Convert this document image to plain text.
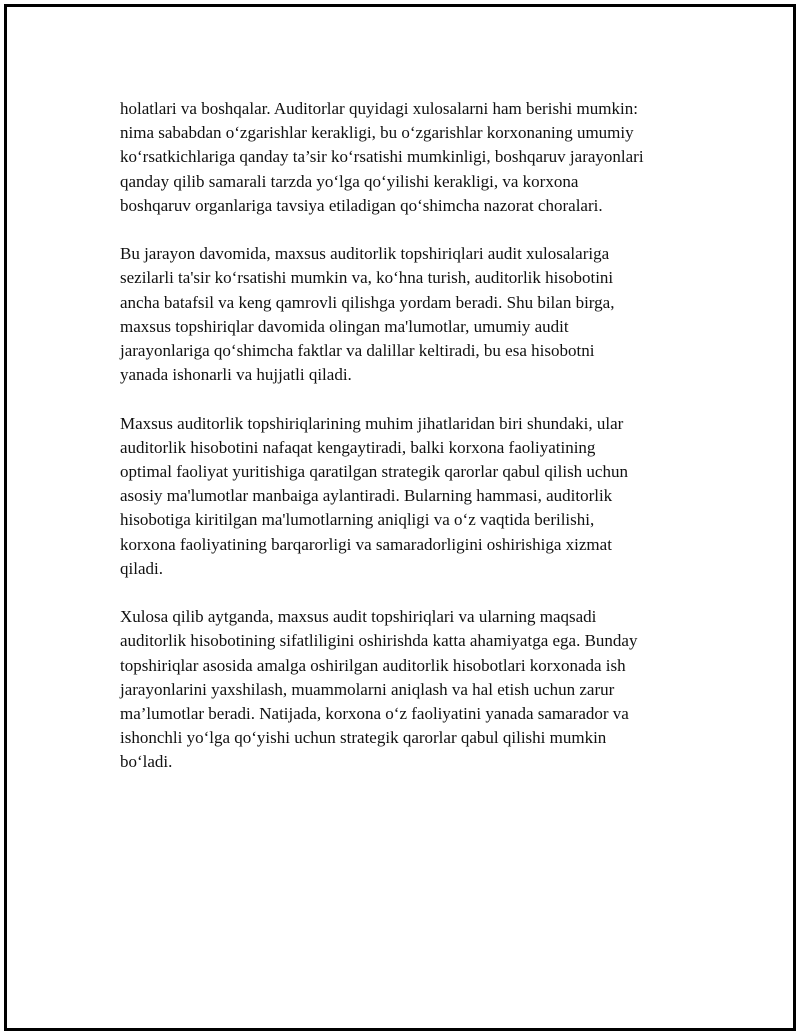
holatlari va boshqalar. Auditorlar quyidagi xulosalarni ham berishi mumkin:
nima sababdan o‘zgarishlar kerakligi, bu o‘zgarishlar korxonaning umumiy
ko‘rsatkichlariga qanday ta’sir ko‘rsatishi mumkinligi, boshqaruv jarayonlari
qanday qilib samarali tarzda yo‘lga qo‘yilishi kerakligi, va korxona
boshqaruv organlariga tavsiya etiladigan qo‘shimcha nazorat choralari.

Bu jarayon davomida, maxsus auditorlik topshiriqlari audit xulosalariga
sezilarli ta'sir ko‘rsatishi mumkin va, ko‘hna turish, auditorlik hisobotini
ancha batafsil va keng qamrovli qilishga yordam beradi. Shu bilan birga,
maxsus topshiriqlar davomida olingan ma'lumotlar, umumiy audit
jarayonlariga qo‘shimcha faktlar va dalillar keltiradi, bu esa hisobotni
yanada ishonarli va hujjatli qiladi.

Maxsus auditorlik topshiriqlarining muhim jihatlaridan biri shundaki, ular
auditorlik hisobotini nafaqat kengaytiradi, balki korxona faoliyatining
optimal faoliyat yuritishiga qaratilgan strategik qarorlar qabul qilish uchun
asosiy ma'lumotlar manbaiga aylantiradi. Bularning hammasi, auditorlik
hisobotiga kiritilgan ma'lumotlarning aniqligi va o‘z vaqtida berilishi,
korxona faoliyatining barqarorligi va samaradorligini oshirishiga xizmat
qiladi.

Xulosa qilib aytganda, maxsus audit topshiriqlari va ularning maqsadi
auditorlik hisobotining sifatliligini oshirishda katta ahamiyatga ega. Bunday
topshiriqlar asosida amalga oshirilgan auditorlik hisobotlari korxonada ish
jarayonlarini yaxshilash, muammolarni aniqlash va hal etish uchun zarur
ma’lumotlar beradi. Natijada, korxona o‘z faoliyatini yanada samarador va
ishonchli yo‘lga qo‘yishi uchun strategik qarorlar qabul qilishi mumkin
bo‘ladi.
